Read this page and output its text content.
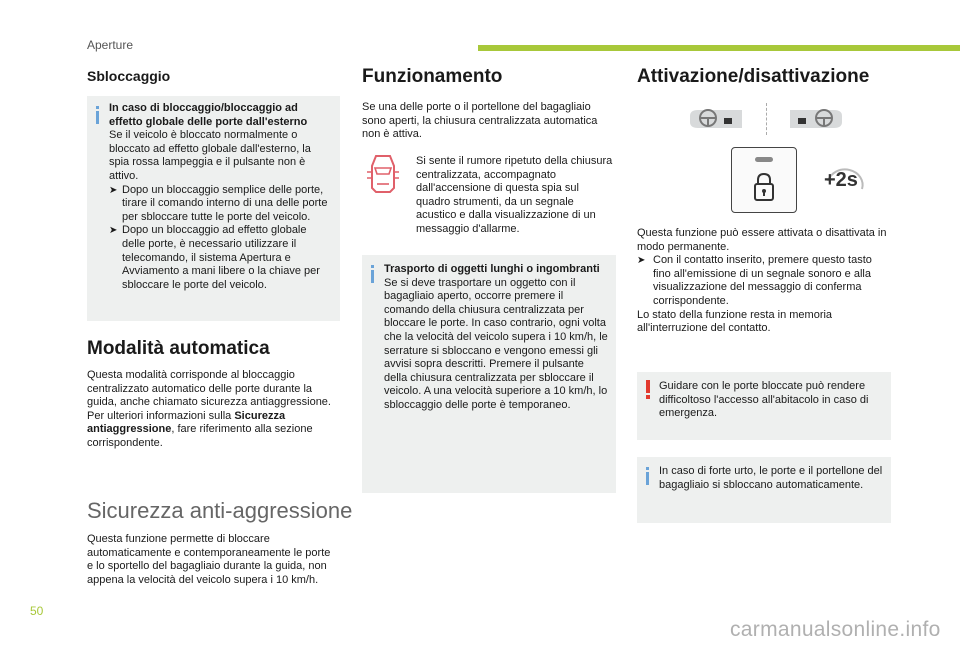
Aperture
Sbloccaggio

In caso di bloccaggio/bloccaggio ad effetto globale delle porte dall'esterno

Se il veicolo è bloccato normalmente o bloccato ad effetto globale dall'esterno, la spia rossa lampeggia e il pulsante non è attivo.

➤ Dopo un bloccaggio semplice delle porte, tirare il comando interno di una delle porte per sbloccare tutte le porte del veicolo.

➤ Dopo un bloccaggio ad effetto globale delle porte, è necessario utilizzare il telecomando, il sistema Apertura e Avviamento a mani libere o la chiave per sbloccare le porte del veicolo.

Modalità automatica

Questa modalità corrisponde al bloccaggio centralizzato automatico delle porte durante la guida, anche chiamato sicurezza antiaggressione.

Per ulteriori informazioni sulla Sicurezza antiaggressione, fare riferimento alla sezione corrispondente.

Sicurezza anti-aggressione

Questa funzione permette di bloccare automaticamente e contemporaneamente le porte e lo sportello del bagagliaio durante la guida, non appena la velocità del veicolo supera i 10 km/h.

Funzionamento

Se una delle porte o il portellone del bagagliaio sono aperti, la chiusura centralizzata automatica non è attiva.

Si sente il rumore ripetuto della chiusura centralizzata, accompagnato dall'accensione di questa spia sul quadro strumenti, da un segnale acustico e dalla visualizzazione di un messaggio d'allarme.

Trasporto di oggetti lunghi o ingombranti

Se si deve trasportare un oggetto con il bagagliaio aperto, occorre premere il comando della chiusura centralizzata per bloccare le porte. In caso contrario, ogni volta che la velocità del veicolo supera i 10 km/h, le serrature si sbloccano e vengono emessi gli avvisi sopra descritti. Premere il pulsante della chiusura centralizzata per sbloccare il veicolo. A una velocità superiore a 10 km/h, lo sbloccaggio delle porte è temporaneo.

Attivazione/disattivazione
+2s

Questa funzione può essere attivata o disattivata in modo permanente.

➤ Con il contatto inserito, premere questo tasto fino all'emissione di un segnale sonoro e alla visualizzazione del messaggio di conferma corrispondente.

Lo stato della funzione resta in memoria all'interruzione del contatto.

Guidare con le porte bloccate può rendere difficoltoso l'accesso all'abitacolo in caso di emergenza.

In caso di forte urto, le porte e il portellone del bagagliaio si sbloccano automaticamente.

50
carmanualsonline.info
